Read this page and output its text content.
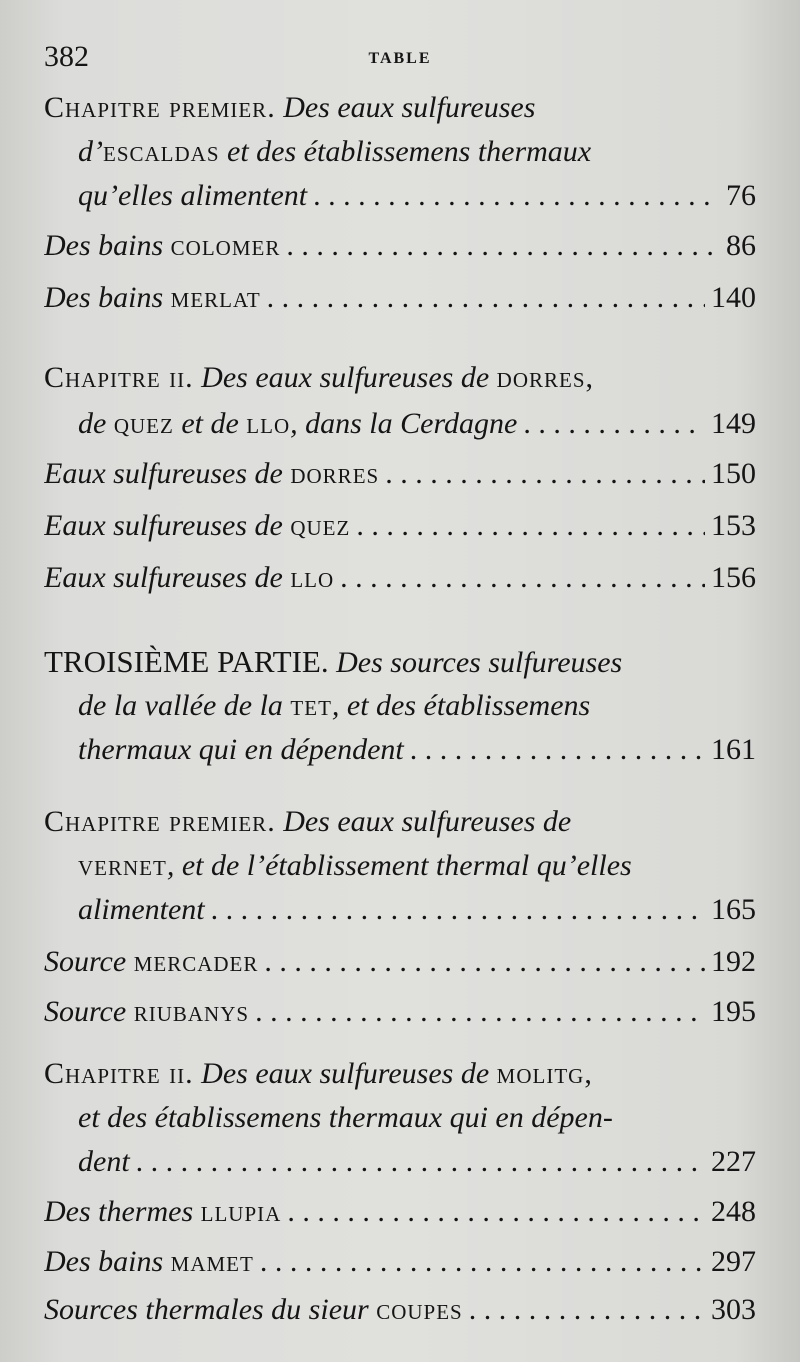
382	TABLE
Chapitre premier. Des eaux sulfureuses
d’escaldas et des établissemens thermaux
qu’elles alimentent . . .	76
Des bains colomer . . .	86
Des bains merlat . . .	140
Chapitre ii. Des eaux sulfureuses de dorres,
de quez et de llo, dans la Cerdagne . . .	149
Eaux sulfureuses de dorres . . .	150
Eaux sulfureuses de quez . . .	153
Eaux sulfureuses de llo . . .	156
TROISIÈME PARTIE. Des sources sulfureuses
de la vallée de la tet, et des établissemens
thermaux qui en dépendent . . .	161
Chapitre premier. Des eaux sulfureuses de
vernet, et de l’établissement thermal qu’elles
alimentent . . .	165
Source mercader . . .	192
Source riubanys . . .	195
Chapitre ii. Des eaux sulfureuses de molitg,
et des établissemens thermaux qui en dépen-
dent . . .	227
Des thermes llupia . . .	248
Des bains mamet . . .	297
Sources thermales du sieur coupes . . .	303
